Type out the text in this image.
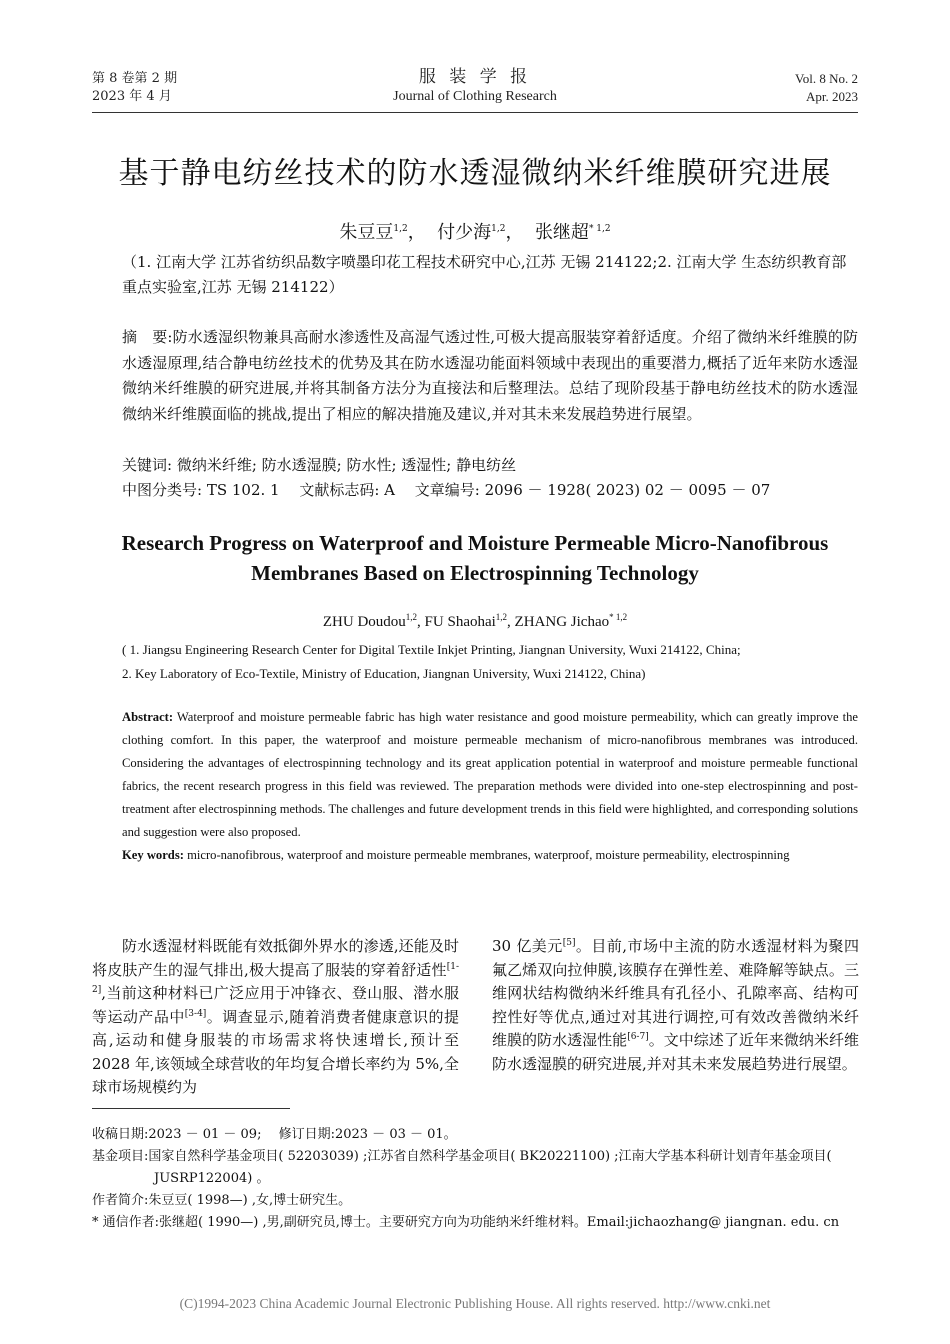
第 8 卷第 2 期
2023 年 4 月
服 装 学 报
Journal of Clothing Research
Vol. 8 No. 2
Apr. 2023
基于静电纺丝技术的防水透湿微纳米纤维膜研究进展
朱豆豆$^{1,2}$， 付少海$^{1,2}$， 张继超$^{* 1,2}$
（1. 江南大学 江苏省纺织品数字喷墨印花工程技术研究中心,江苏 无锡 214122;2. 江南大学 生态纺织教育部重点实验室,江苏 无锡 214122）
摘　要:防水透湿织物兼具高耐水渗透性及高湿气透过性,可极大提高服装穿着舒适度。介绍了微纳米纤维膜的防水透湿原理,结合静电纺丝技术的优势及其在防水透湿功能面料领域中表现出的重要潜力,概括了近年来防水透湿微纳米纤维膜的研究进展,并将其制备方法分为直接法和后整理法。总结了现阶段基于静电纺丝技术的防水透湿微纳米纤维膜面临的挑战,提出了相应的解决措施及建议,并对其未来发展趋势进行展望。
关键词: 微纳米纤维; 防水透湿膜; 防水性; 透湿性; 静电纺丝
中图分类号: TS 102. 1　 文献标志码: A　 文章编号: 2096 － 1928( 2023) 02 － 0095 － 07
Research Progress on Waterproof and Moisture Permeable Micro-Nanofibrous
Membranes Based on Electrospinning Technology
ZHU Doudou$^{1,2}$, FU Shaohai$^{1,2}$, ZHANG Jichao$^{* 1,2}$
( 1. Jiangsu Engineering Research Center for Digital Textile Inkjet Printing, Jiangnan University, Wuxi 214122, China;
2. Key Laboratory of Eco-Textile, Ministry of Education, Jiangnan University, Wuxi 214122, China)
Abstract: Waterproof and moisture permeable fabric has high water resistance and good moisture permeability, which can greatly improve the clothing comfort. In this paper, the waterproof and moisture permeable mechanism of micro-nanofibrous membranes was introduced. Considering the advantages of electrospinning technology and its great application potential in waterproof and moisture permeable functional fabrics, the recent research progress in this field was reviewed. The preparation methods were divided into one-step electrospinning and post-treatment after electrospinning methods. The challenges and future development trends in this field were highlighted, and corresponding solutions and suggestion were also proposed.
Key words: micro-nanofibrous, waterproof and moisture permeable membranes, waterproof, moisture permeability, electrospinning
防水透湿材料既能有效抵御外界水的渗透,还能及时将皮肤产生的湿气排出,极大提高了服装的穿着舒适性[1-2],当前这种材料已广泛应用于冲锋衣、登山服、潜水服等运动产品中[3-4]。调查显示,随着消费者健康意识的提高,运动和健身服装的市场需求将快速增长,预计至 2028 年,该领域全球营收的年均复合增长率约为 5%,全球市场规模约为
30 亿美元[5]。目前,市场中主流的防水透湿材料为聚四氟乙烯双向拉伸膜,该膜存在弹性差、难降解等缺点。三维网状结构微纳米纤维具有孔径小、孔隙率高、结构可控性好等优点,通过对其进行调控,可有效改善微纳米纤维膜的防水透湿性能[6-7]。文中综述了近年来微纳米纤维防水透湿膜的研究进展,并对其未来发展趋势进行展望。
收稿日期:2023 － 01 － 09;　 修订日期:2023 － 03 － 01。
基金项目:国家自然科学基金项目( 52203039) ;江苏省自然科学基金项目( BK20221100) ;江南大学基本科研计划青年基金项目( JUSRP122004) 。
作者简介:朱豆豆( 1998—) ,女,博士研究生。
* 通信作者:张继超( 1990—) ,男,副研究员,博士。主要研究方向为功能纳米纤维材料。Email:jichaozhang@ jiangnan. edu. cn
(C)1994-2023 China Academic Journal Electronic Publishing House. All rights reserved. http://www.cnki.net
